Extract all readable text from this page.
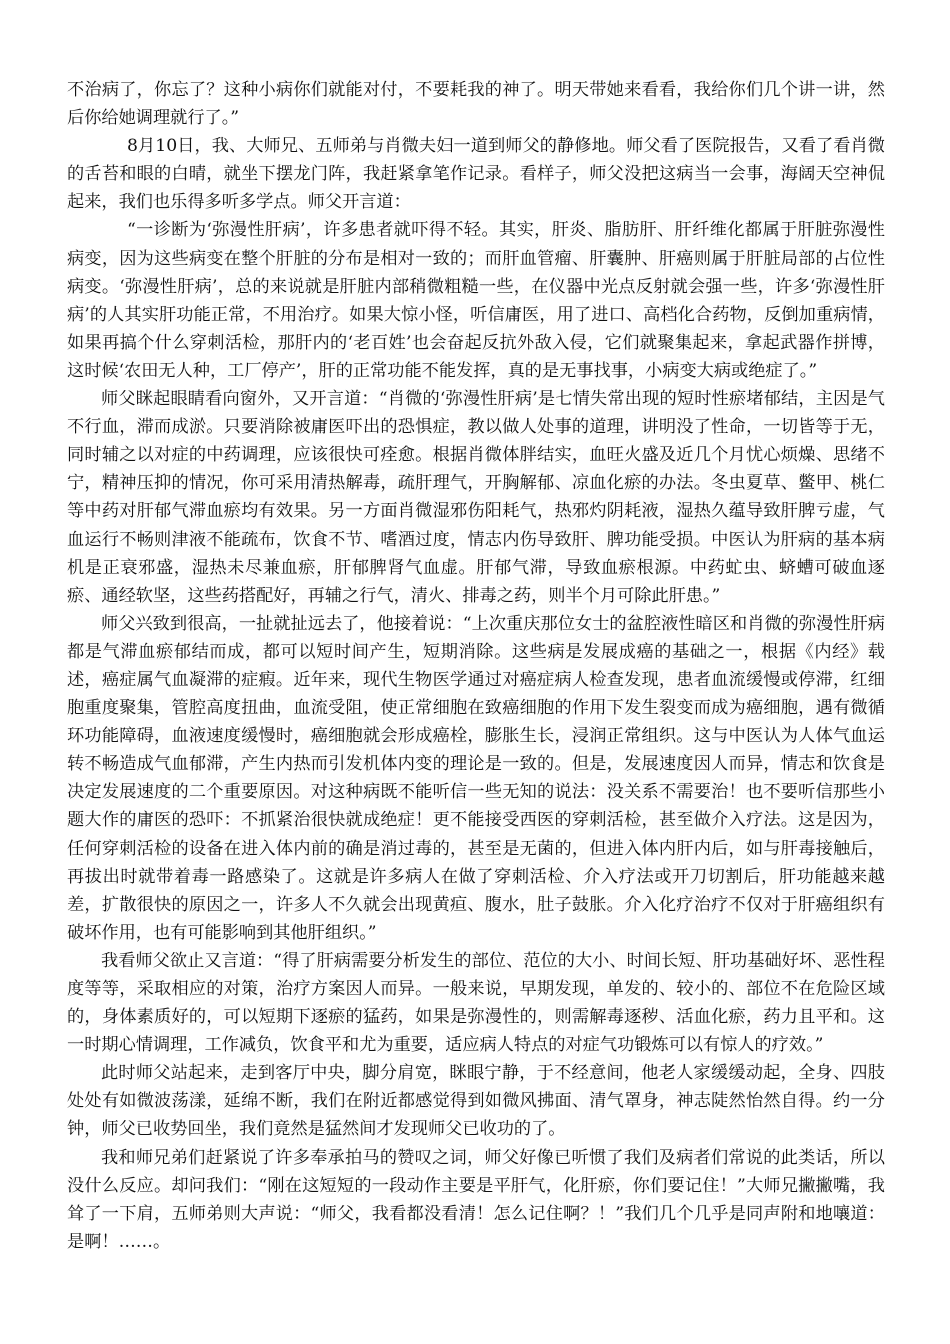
不治病了，你忘了？这种小病你们就能对付，不要耗我的神了。明天带她来看看，我给你们几个讲一讲，然后你给她调理就行了。”

8月10日，我、大师兄、五师弟与肖微夫妇一道到师父的静修地。师父看了医院报告，又看了看肖微的舌苔和眼的白晴，就坐下摆龙门阵，我赶紧拿笔作记录。看样子，师父没把这病当一会事，海阔天空神侃起来，我们也乐得多听多学点。师父开言道：

“一诊断为‘弥漫性肝病’，许多患者就吓得不轻。其实，肝炎、脂肪肝、肝纤维化都属于肝脏弥漫性病变，因为这些病变在整个肝脏的分布是相对一致的；而肝血管瘤、肝囊肿、肝癌则属于肝脏局部的占位性病变。‘弥漫性肝病’，总的来说就是肝脏内部稍微粗糙一些，在仪器中光点反射就会强一些，许多‘弥漫性肝病’的人其实肝功能正常，不用治疗。如果大惊小怪，听信庸医，用了进口、高档化合药物，反倒加重病情，如果再搞个什么穿刺活检，那肝内的‘老百姓’也会奋起反抗外敌入侵，它们就聚集起来，拿起武器作拼博，这时候‘农田无人种，工厂停产’，肝的正常功能不能发挥，真的是无事找事，小病变大病或绝症了。”

师父眯起眼睛看向窗外，又开言道：“肖微的‘弥漫性肝病’是七情失常出现的短时性瘀堵郁结，主因是气不行血，滞而成淤。只要消除被庸医吓出的恐惧症，教以做人处事的道理，讲明没了性命，一切皆等于无，同时辅之以对症的中药调理，应该很快可痊愈。根据肖微体胖结实，血旺火盛及近几个月忧心烦燥、思绪不宁，精神压抑的情况，你可采用清热解毒，疏肝理气，开胸解郁、凉血化瘀的办法。冬虫夏草、鳖甲、桃仁等中药对肝郁气滞血瘀均有效果。另一方面肖微湿邪伤阳耗气，热邪灼阴耗液，湿热久蕴导致肝脾亏虚，气血运行不畅则津液不能疏布，饮食不节、嗜酒过度，情志内伤导致肝、脾功能受损。中医认为肝病的基本病机是正衰邪盛，湿热未尽兼血瘀，肝郁脾肾气血虚。肝郁气滞，导致血瘀根源。中药虻虫、蛴螬可破血逐瘀、通经软坚，这些药搭配好，再辅之行气，清火、排毒之药，则半个月可除此肝患。”

师父兴致到很高，一扯就扯远去了，他接着说：“上次重庆那位女士的盆腔液性暗区和肖微的弥漫性肝病都是气滞血瘀郁结而成，都可以短时间产生，短期消除。这些病是发展成癌的基础之一，根据《内经》载述，癌症属气血凝滞的症瘕。近年来，现代生物医学通过对癌症病人检查发现，患者血流缓慢或停滞，红细胞重度聚集，管腔高度扭曲，血流受阻，使正常细胞在致癌细胞的作用下发生裂变而成为癌细胞，遇有微循环功能障碍，血液速度缓慢时，癌细胞就会形成癌栓，膨胀生长，浸润正常组织。这与中医认为人体气血运转不畅造成气血郁滞，产生内热而引发机体内变的理论是一致的。但是，发展速度因人而异，情志和饮食是决定发展速度的二个重要原因。对这种病既不能听信一些无知的说法：没关系不需要治！也不要听信那些小题大作的庸医的恐吓：不抓紧治很快就成绝症！更不能接受西医的穿刺活检，甚至做介入疗法。这是因为，任何穿刺活检的设备在进入体内前的确是消过毒的，甚至是无菌的，但进入体内肝内后，如与肝毒接触后，再拔出时就带着毒一路感染了。这就是许多病人在做了穿刺活检、介入疗法或开刀切割后，肝功能越来越差，扩散很快的原因之一，许多人不久就会出现黄疸、腹水，肚子鼓胀。介入化疗治疗不仅对于肝癌组织有破坏作用，也有可能影响到其他肝组织。”

我看师父欲止又言道：“得了肝病需要分析发生的部位、范位的大小、时间长短、肝功基础好坏、恶性程度等等，采取相应的对策，治疗方案因人而异。一般来说，早期发现，单发的、较小的、部位不在危险区域的，身体素质好的，可以短期下逐瘀的猛药，如果是弥漫性的，则需解毒逐秽、活血化瘀，药力且平和。这一时期心情调理，工作减负，饮食平和尤为重要，适应病人特点的对症气功锻炼可以有惊人的疗效。”

此时师父站起来，走到客厅中央，脚分肩宽，眯眼宁静，于不经意间，他老人家缓缓动起，全身、四肢处处有如微波荡漾，延绵不断，我们在附近都感觉得到如微风拂面、清气罩身，神志陡然怡然自得。约一分钟，师父已收势回坐，我们竟然是猛然间才发现师父已收功的了。

我和师兄弟们赶紧说了许多奉承拍马的赞叹之词，师父好像已听惯了我们及病者们常说的此类话，所以没什么反应。却问我们：“刚在这短短的一段动作主要是平肝气，化肝瘀，你们要记住！”大师兄撇撇嘴，我耸了一下肩，五师弟则大声说：“师父，我看都没看清！怎么记住啊？！”我们几个几乎是同声附和地嚷道：是啊！……。
